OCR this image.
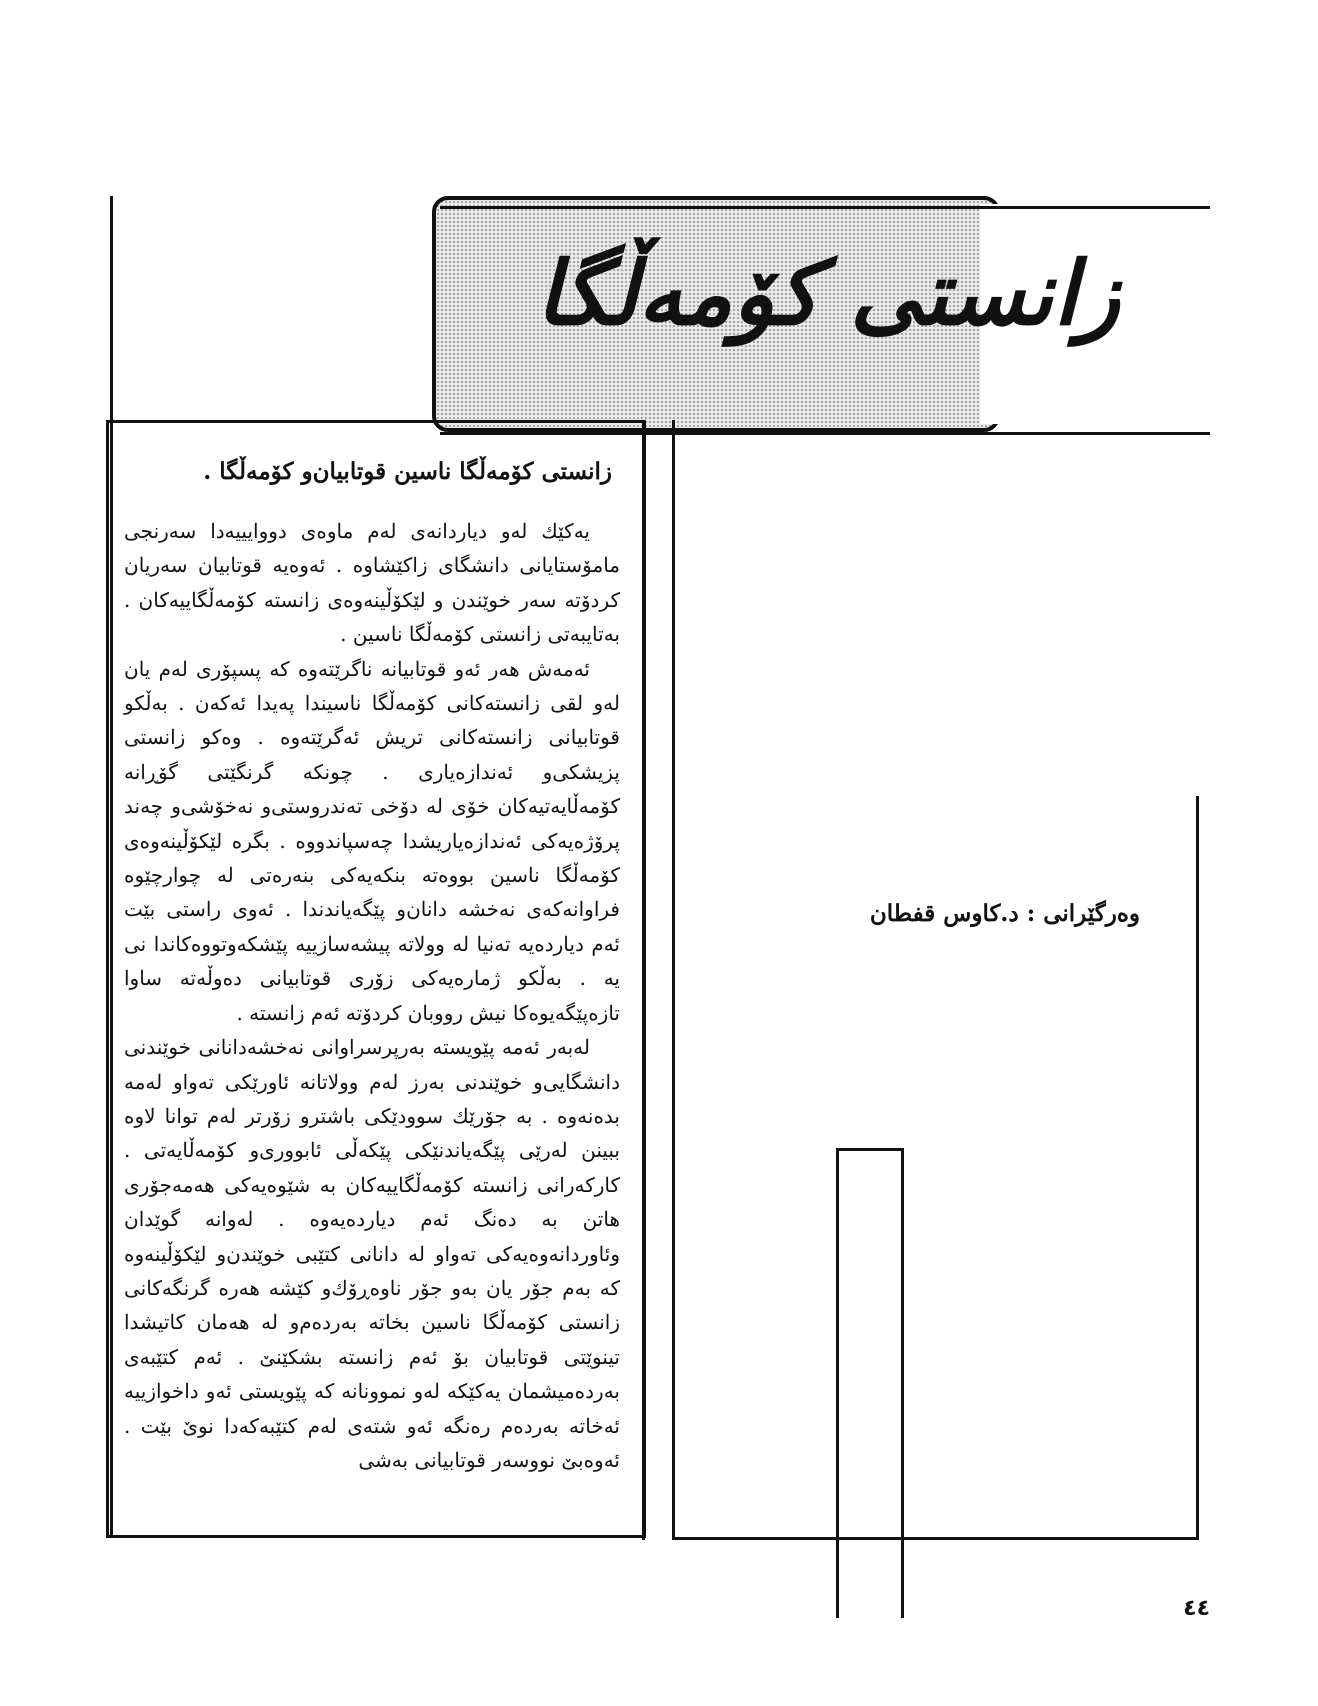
زانستی كۆمەڵگا
زانستی كۆمەڵگا ناسین قوتابیان‌و كۆمەڵگا .

یەكێك لەو دیاردانەی لەم ماوەی دووایییەدا سەرنجی مامۆستایانی دانشگای زاكێشاوە . ئەوەیە قوتابیان سەریان كردۆتە سەر خوێندن و لێكۆڵینەوەی زانستە كۆمەڵگاییەكان . بەتایبەتی زانستی كۆمەڵگا ناسین .

ئەمەش هەر ئەو قوتابیانە ناگرێتەوە كە پسپۆری لەم یان لەو لقی زانستەكانی كۆمەڵگا ناسیندا پەیدا ئەكەن . بەڵكو قوتابیانی زانستەكانی تریش ئەگرێتەوە . وەكو زانستی پزیشكی‌و ئەندازەیاری . چونكە گرنگێتی گۆڕانە كۆمەڵایەتیەكان خۆی لە دۆخی تەندروستی‌و نەخۆشی‌و چەند پرۆژەیەكی ئەندازەیاریشدا چەسپاندووە . بگرە لێكۆڵینەوەی كۆمەڵگا ناسین بووەتە بنكەیەكی بنەرەتی لە چوارچێوە فراوانەكەی نەخشە دانان‌و پێگەیاندندا . ئەوی راستی بێت ئەم دیاردەیە تەنیا لە وولاتە پیشەسازییە پێشكەوتووەكاندا نی یە . بەڵكو ژمارەیەكی زۆری قوتابیانی دەوڵەتە ساوا تازەپێگەیوەكا نیش رووبان كردۆتە ئەم زانستە .

لەبەر ئەمە پێویستە بەرپرسراوانی نەخشەدانانی خوێندنی دانشگایی‌و خوێندنی بەرز لەم وولاتانە ئاورێكی تەواو لەمە بدەنەوە . بە جۆرێك سوودێكی باشترو زۆرتر لەم توانا لاوە ببینن لەرێی پێگەیاندنێكی پێكەڵی ئابووری‌و كۆمەڵایەتی . كاركەرانی زانستە كۆمەڵگاییەكان بە شێوەیەكی هەمەجۆری هاتن بە دەنگ ئەم دیاردەیەوە . لەوانە گوێدان وئاوردانەوەیەكی تەواو لە دانانی كتێبی خوێندن‌و لێكۆڵینەوە كە بەم جۆر یان بەو جۆر ناوەڕۆك‌و كێشە هەرە گرنگەكانی زانستی كۆمەڵگا ناسین بخاتە بەردەم‌و لە هەمان كاتیشدا تینوێتی قوتابیان بۆ ئەم زانستە بشكێنێ . ئەم كتێبەی بەردەمیشمان یەكێكە لەو نموونانە كە پێویستی ئەو داخوازییە ئەخاتە بەردەم رەنگە ئەو شتەی لەم كتێبەكەدا نوێ بێت . ئەوەبێ نووسەر قوتابیانی بەشی

وەرگێرانی : د.كاوس قفطان
٤٤
